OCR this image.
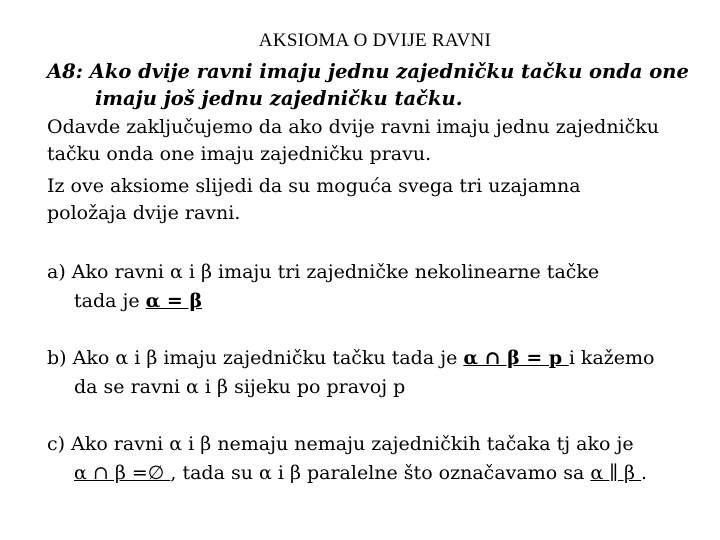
AKSIOMA O DVIJE RAVNI
A8: Ako dvije ravni imaju jednu zajedničku tačku onda one
imaju još jednu zajedničku tačku.
Odavde zaključujemo da ako dvije ravni imaju jednu zajedničku
tačku onda one imaju zajedničku pravu.
Iz ove aksiome slijedi da su moguća svega tri uzajamna
položaja dvije ravni.
a) Ako ravni α i β imaju tri zajedničke nekolinearne tačke
tada je α = β
b) Ako α i β imaju zajedničku tačku tada je α ∩ β = p i kažemo
da se ravni α i β sijeku po pravoj p
c) Ako ravni α i β nemaju nemaju zajedničkih tačaka tj ako je
α ∩ β =∅ , tada su α i β paralelne što označavamo sa α ∥ β .
